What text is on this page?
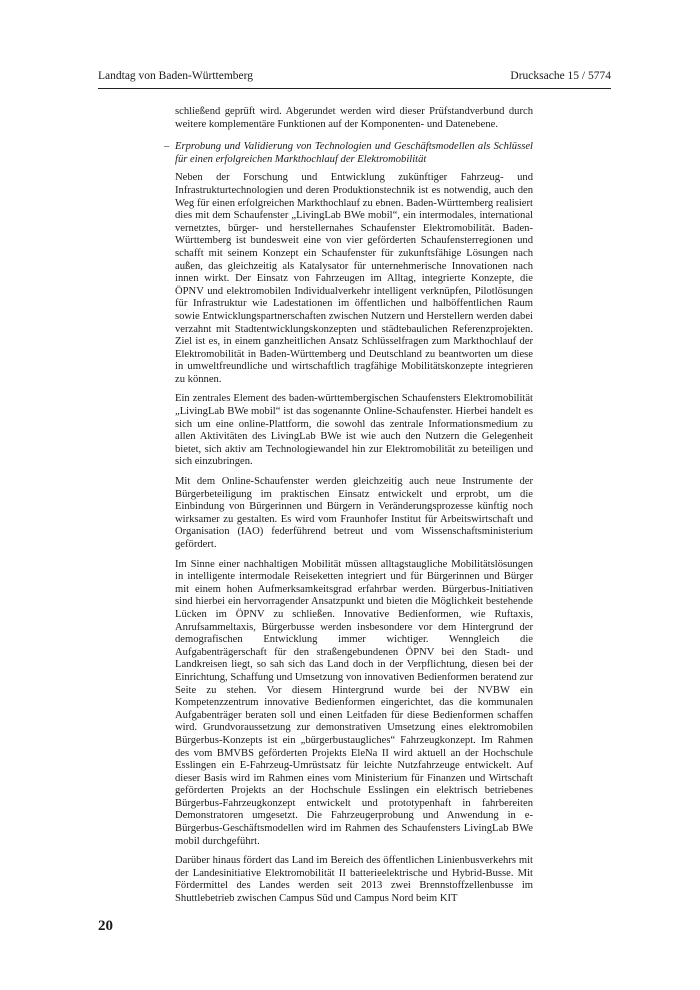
Landtag von Baden-Württemberg	Drucksache 15 / 5774

schließend geprüft wird. Abgerundet werden wird dieser Prüfstandverbund durch weitere komplementäre Funktionen auf der Komponenten- und Datenebene.

– Erprobung und Validierung von Technologien und Geschäftsmodellen als Schlüssel für einen erfolgreichen Markthochlauf der Elektromobilität

Neben der Forschung und Entwicklung zukünftiger Fahrzeug- und Infrastrukturtechnologien und deren Produktionstechnik ist es notwendig, auch den Weg für einen erfolgreichen Markthochlauf zu ebnen. Baden-Württemberg realisiert dies mit dem Schaufenster „LivingLab BWe mobil“, ein intermodales, international vernetztes, bürger- und herstellernahes Schaufenster Elektromobilität. Baden-Württemberg ist bundesweit eine von vier geförderten Schaufensterregionen und schafft mit seinem Konzept ein Schaufenster für zukunftsfähige Lösungen nach außen, das gleichzeitig als Katalysator für unternehmerische Innovationen nach innen wirkt. Der Einsatz von Fahrzeugen im Alltag, integrierte Konzepte, die ÖPNV und elektromobilen Individualverkehr intelligent verknüpfen, Pilotlösungen für Infrastruktur wie Ladestationen im öffentlichen und halböffentlichen Raum sowie Entwicklungspartnerschaften zwischen Nutzern und Herstellern werden dabei verzahnt mit Stadtentwicklungskonzepten und städtebaulichen Referenzprojekten. Ziel ist es, in einem ganzheitlichen Ansatz Schlüsselfragen zum Markthochlauf der Elektromobilität in Baden-Württemberg und Deutschland zu beantworten um diese in umweltfreundliche und wirtschaftlich tragfähige Mobilitätskonzepte integrieren zu können.

Ein zentrales Element des baden-württembergischen Schaufensters Elektromobilität „LivingLab BWe mobil“ ist das sogenannte Online-Schaufenster. Hierbei handelt es sich um eine online-Plattform, die sowohl das zentrale Informationsmedium zu allen Aktivitäten des LivingLab BWe ist wie auch den Nutzern die Gelegenheit bietet, sich aktiv am Technologiewandel hin zur Elektromobilität zu beteiligen und sich einzubringen.

Mit dem Online-Schaufenster werden gleichzeitig auch neue Instrumente der Bürgerbeteiligung im praktischen Einsatz entwickelt und erprobt, um die Einbindung von Bürgerinnen und Bürgern in Veränderungsprozesse künftig noch wirksamer zu gestalten. Es wird vom Fraunhofer Institut für Arbeitswirtschaft und Organisation (IAO) federführend betreut und vom Wissenschaftsministerium gefördert.

Im Sinne einer nachhaltigen Mobilität müssen alltagstaugliche Mobilitätslösungen in intelligente intermodale Reiseketten integriert und für Bürgerinnen und Bürger mit einem hohen Aufmerksamkeitsgrad erfahrbar werden. Bürgerbus-Initiativen sind hierbei ein hervorragender Ansatzpunkt und bieten die Möglichkeit bestehende Lücken im ÖPNV zu schließen. Innovative Bedienformen, wie Ruftaxis, Anrufsammeltaxis, Bürgerbusse werden insbesondere vor dem Hintergrund der demografischen Entwicklung immer wichtiger. Wenngleich die Aufgabenträgerschaft für den straßengebundenen ÖPNV bei den Stadt- und Landkreisen liegt, so sah sich das Land doch in der Verpflichtung, diesen bei der Einrichtung, Schaffung und Umsetzung von innovativen Bedienformen beratend zur Seite zu stehen. Vor diesem Hintergrund wurde bei der NVBW ein Kompetenzzentrum innovative Bedienformen eingerichtet, das die kommunalen Aufgabenträger beraten soll und einen Leitfaden für diese Bedienformen schaffen wird. Grundvoraussetzung zur demonstrativen Umsetzung eines elektromobilen Bürgerbus-Konzepts ist ein „bürgerbustaugliches“ Fahrzeugkonzept. Im Rahmen des vom BMVBS geförderten Projekts EleNa II wird aktuell an der Hochschule Esslingen ein E-Fahrzeug-Umrüstsatz für leichte Nutzfahrzeuge entwickelt. Auf dieser Basis wird im Rahmen eines vom Ministerium für Finanzen und Wirtschaft geförderten Projekts an der Hochschule Esslingen ein elektrisch betriebenes Bürgerbus-Fahrzeugkonzept entwickelt und prototypenhaft in fahrbereiten Demonstratoren umgesetzt. Die Fahrzeugerprobung und Anwendung in e-Bürgerbus-Geschäftsmodellen wird im Rahmen des Schaufensters LivingLab BWe mobil durchgeführt.

Darüber hinaus fördert das Land im Bereich des öffentlichen Linienbusverkehrs mit der Landesinitiative Elektromobilität II batterieelektrische und Hybrid-Busse. Mit Fördermittel des Landes werden seit 2013 zwei Brennstoffzellenbusse im Shuttlebetrieb zwischen Campus Süd und Campus Nord beim KIT

20
